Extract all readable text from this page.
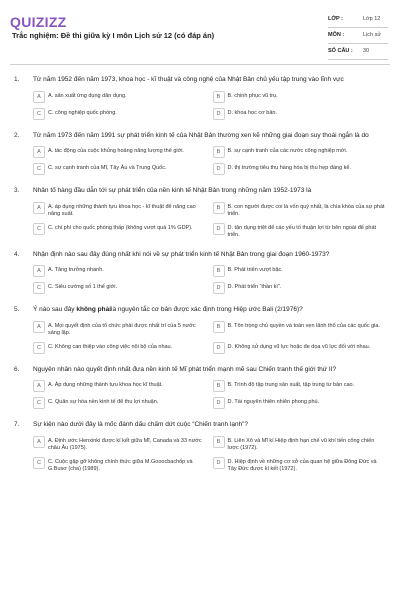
QUIZIZZ
Trắc nghiệm: Đề thi giữa kỳ I môn Lịch sử 12 (có đáp án)
LỚP :	Lớp 12
MÔN :	Lịch sử
SỐ CÂU : 30
1. Từ năm 1952 đến năm 1973, khoa học - kĩ thuật và công nghệ của Nhật Bản chủ yếu tập trung vào lĩnh vực
A	A. sản xuất ứng dụng dân dụng.	B	B. chinh phục vũ trụ.
C	C. công nghiệp quốc phòng.	D	D. khoa học cơ bản.
2. Từ năm 1973 đến năm 1991 sự phát triển kinh tế của Nhật Bản thường xen kẽ những giai đoạn suy thoái ngắn là do
A	A. tác động của cuộc khủng hoảng năng lượng thế giới.	B	B. sự cạnh tranh của các nước công nghiệp mới.
C	C. sự cạnh tranh của Mĩ, Tây Âu và Trung Quốc.	D	D. thị trường tiêu thụ hàng hóa bị thu hẹp đáng kể.
3. Nhân tố hàng đầu dẫn tới sự phát triển của nền kinh tế Nhật Bản trong những năm 1952-1973 là
A	A. áp dụng những thành tựu khoa học - kĩ thuật để nâng cao năng suất.
B	B. con người được coi là vốn quý nhất, là chìa khóa của sự phát triển.
C	C. chi phí cho quốc phòng thấp (không vượt quá 1% GDP).	D	D. tận dụng triệt để các yếu tố thuận lợi từ bên ngoài để phát triển.
4. Nhận định nào sau đây đúng nhất khi nói về sự phát triển kinh tế Nhật Bản trong giai đoạn 1960-1973?
A	A. Tăng trưởng nhanh.	B	B. Phát triển vượt bậc.
C	C. Siêu cường số 1 thế giới.	D	D. Phát triển “thần kì”.
5. Ý nào sau đây không phảilà nguyên tắc cơ bản được xác định trong Hiệp ước Bali (2/1976)?
A	A. Mọi quyết định của tổ chức phải được nhất trí của 5 nước sáng lập.
B	B. Tôn trọng chủ quyền và toàn vẹn lãnh thổ của các quốc gia.
C	C. Không can thiệp vào công việc nội bộ của nhau.	D	D. Không sử dụng vũ lực hoặc đe dọa vũ lực đối với nhau.
6. Nguyên nhân nào quyết định nhất đưa nền kinh tế Mĩ phát triển mạnh mẽ sau Chiến tranh thế giới thứ II?
A	A. Áp dụng những thành tựu khoa học kĩ thuật.	B	B. Trình độ tập trung sản xuất, tập trung tư bản cao.
C	C. Quân sự hóa nền kinh tế để thu lợi nhuận.	D	D. Tài nguyên thiên nhiên phong phú.
7. Sự kiện nào dưới đây là mốc đánh dấu chấm dứt cuộc “Chiến tranh lạnh”?
A	A. Định ước Henxinki được kí kết giữa Mĩ, Canada và 33 nước châu Âu (1975).
B	B. Liên Xô và Mĩ kí Hiệp định hạn chế vũ khí tiến công chiến lược (1972).
C	C. Cuộc gặp gỡ không chính thức giữa M.Gooocbachốp và G.Busơ (cha) (1989).
D	D. Hiệp định về những cơ sở của quan hệ giữa Đông Đức và Tây Đức được kí kết (1972).
